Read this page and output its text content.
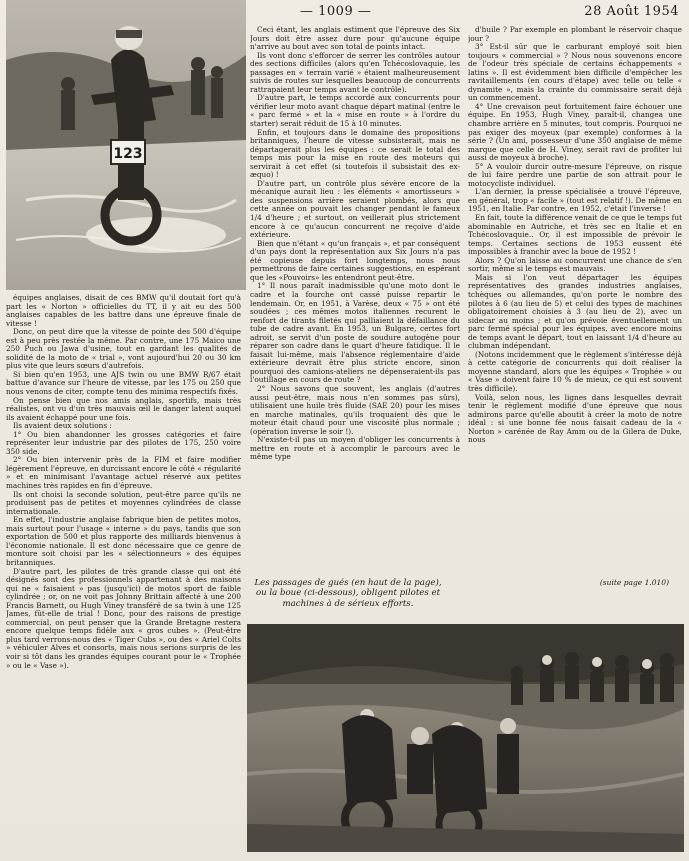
— 1009 —	28 Août 1954
123

équipes anglaises, disait de ces BMW qu'il doutait fort qu'à part les « Norton » officielles du TT, il y ait eu des 500 anglaises capables de les battre dans une épreuve finale de vitesse !

Donc, on peut dire que la vitesse de pointe des 500 d'équipe est à peu près restée la même. Par contre, une 175 Maico une 250 Puch ou Jawa d'usine, tout en gardant les qualités de solidité de la moto de « trial », vont aujourd'hui 20 ou 30 km plus vite que leurs sœurs d'autrefois.

Si bien qu'en 1953, une AJS twin ou une BMW R/67 était battue d'avance sur l'heure de vitesse, par les 175 ou 250 que nous venons de citer, compte tenu des minima respectifs fixés.

On pense bien que nos amis anglais, sportifs, mais très réalistes, ont vu d'un très mauvais œil le danger latent auquel ils avaient échappé pour une fois.

Ils avaient deux solutions :

1° Ou bien abandonner les grosses catégories et faire représenter leur industrie par des pilotes de 175, 250 voire 350 side.

2° Ou bien intervenir près de la FIM et faire modifier légèrement l'épreuve, en durcissant encore le côté « régularité » et en minimisant l'avantage actuel réservé aux petites machines très rapides en fin d'épreuve.

Ils ont choisi la seconde solution, peut-être parce qu'ils ne produisent pas de petites et moyennes cylindrées de classe internationale.

En effet, l'industrie anglaise fabrique bien de petites motos, mais surtout pour l'usage « interne » du pays, tandis que son exportation de 500 et plus rapporte des milliards bienvenus à l'économie nationale. Il est donc nécessaire que ce genre de monture soit choisi par les « sélectionneurs » des équipes britanniques.

D'autre part, les pilotes de très grande classe qui ont été désignés sont des professionnels appartenant à des maisons qui ne « faisaient » pas (jusqu'ici) de motos sport de faible cylindrée ; or, on ne voit pas Johnny Brittain affecté à une 200 Francis Barnett, ou Hugh Viney transféré de sa twin à une 125 James, fût-elle de trial ! Donc, pour des raisons de prestige commercial, on peut penser que la Grande Bretagne restera encore quelque temps fidèle aux « gros cubes ». (Peut-être plus tard verrons-nous des « Tiger Cubs », ou des « Ariel Colts » véhiculer Alves et consorts, mais nous serions surpris de les voir si tôt dans les grandes équipes courant pour le « Trophée » ou le « Vase »).

Ceci étant, les anglais estiment que l'épreuve des Six Jours doit être assez dure pour qu'aucune équipe n'arrive au bout avec son total de points intact.

Ils vont donc s'efforcer de serrer les contrôles autour des sections difficiles (alors qu'en Tchécoslovaquie, les passages en « terrain varié » étaient malheureusement suivis de routes sur lesquelles beaucoup de concurrents rattrapaient leur temps avant le contrôle).

D'autre part, le temps accordé aux concurrents pour vérifier leur moto avant chaque départ matinal (entre le « parc fermé » et la « mise en route » à l'ordre du starter) serait réduit de 15 à 10 minutes.

Enfin, et toujours dans le domaine des propositions britanniques, l'heure de vitesse subsisterait, mais ne départagerait plus les équipes : ce serait le total des temps mis pour la mise en route des moteurs qui servirait à cet effet (si toutefois il subsistait des ex-æquo) !

D'autre part, un contrôle plus sévère encore de la mécanique aurait lieu : les éléments « amortisseurs » des suspensions arrière seraient plombés, alors que cette année on pouvait les changer pendant le fameux 1/4 d'heure ; et surtout, on veillerait plus strictement encore à ce qu'aucun concurrent ne reçoive d'aide extérieure.

Bien que n'étant « qu'un français », et par conséquent d'un pays dont la représentation aux Six Jours n'a pas été copieuse depuis fort longtemps, nous nous permettrons de faire certaines suggestions, en espérant que les «Pouvoirs» les entendront peut-être.

1° Il nous paraît inadmissible qu'une moto dont le cadre et la fourche ont cassé puisse repartir le lendemain. Or, en 1951, à Varèse, deux « 75 » ont été soudées ; ces mêmes motos italiennes recurent le renfort de tirants filetés qui palliaient la défaillance du tube de cadre avant. En 1953, un Bulgare, certes fort adroit, se servit d'un poste de soudure autogène pour réparer son cadre dans le quart d'heure fatidique. Il le faisait lui-même, mais l'absence réglementaire d'aide extérieure devrait être plus stricte encore, sinon pourquoi des camions-ateliers ne dépenseraient-ils pas l'outillage en cours de route ?

2° Nous savons que souvent, les anglais (d'autres aussi peut-être, mais nous n'en sommes pas sûrs), utilisaient une huile très fluide (SAE 20) pour les mises en marche matinales, qu'ils troquaient dès que le moteur était chaud pour une viscosité plus normale ; (opération inverse le soir !).

N'existe-t-il pas un moyen d'obliger les concurrents à mettre en route et à accomplir le parcours avec le même type

d'huile ? Par exemple en plombant le réservoir chaque jour ?

3° Est-il sûr que le carburant employé soit bien toujours « commercial » ? Nous nous souvenons encore de l'odeur très spéciale de certains échappements « latins ». Il est évidemment bien difficile d'empêcher les ravitaillements (en cours d'étape) avec telle ou telle « dynamite », mais la crainte du commissaire serait déjà un commencement.

4° Une crevaison peut fortuitement faire échouer une équipe. En 1953, Hugh Viney, paraît-il, changea une chambre arrière en 5 minutes, tout compris. Pourquoi ne pas exiger des moyeux (par exemple) conformes à la série ? (Un ami, possesseur d'une 350 anglaise de même marque que celle de H. Viney, serait ravi de profiter lui aussi de moyeux à broche).

5° A vouloir durcir outre-mesure l'épreuve, on risque de lui faire perdre une partie de son attrait pour le motocycliste individuel.

L'an dernier, la presse spécialisée a trouvé l'épreuve, en général, trop « facile » (tout est relatif !). De même en 1951, en Italie. Par contre, en 1952, c'était l'inverse !

En fait, toute la différence venait de ce que le temps fut abominable en Autriche, et très sec en Italie et en Tchécoslovaquie.. Or, il est impossible de prévoir le temps. Certaines sections de 1953 eussent été impossibles à franchir avec la boue de 1952 !

Alors ? Qu'on laisse au concurrent une chance de s'en sortir, même si le temps est mauvais.

Mais si l'on veut départager les équipes représentatives des grandes industries anglaises, tchèques ou allemandes, qu'on porte le nombre des pilotes à 6 (au lieu de 5) et celui des types de machines obligatoirement choisies à 3 (au lieu de 2), avec un sidecar au moins ; et qu'on prévoie éventuellement un parc fermé spécial pour les équipes, avec encore moins de temps avant le départ, tout en laissant 1/4 d'heure au clubman indépendant.

(Notons incidemment que le règlement s'intéresse déjà à cette catégorie de concurrents qui doit réaliser la moyenne standard, alors que les équipes « Trophée » ou « Vase » doivent faire 10 % de mieux, ce qui est souvent très difficile).

Voilà, selon nous, les lignes dans lesquelles devrait tenir le règlement modifié d'une épreuve que nous admirons parce qu'elle aboutit à créer la moto de notre idéal : si une bonne fée nous faisait cadeau de la « Norton » carénée de Ray Amm ou de la Gilera de Duke, nous

(suite page 1.010)
Les passages de gués (en haut de la page), ou la boue (ci-dessous), obligent pilotes et machines à de sérieux efforts.
